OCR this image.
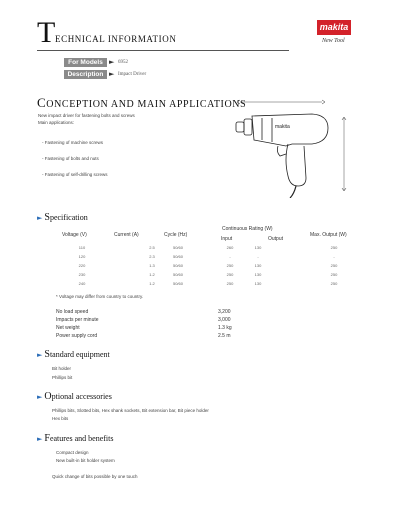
T ECHNICAL INFORMATION
makita
New Tool
For Models ► 6952
Description ► Impact Driver
CONCEPTION AND MAIN APPLICATIONS
New impact driver for fastening bolts and screws
Main applications:
- Fastening of machine screws
- Fastening of bolts and nuts
- Fastening of self-drilling screws
makita
► Specification
Voltage (V)	Current (A)	Cycle (Hz)
Continuous Rating (W)
Max. Output (W)
Input	Output
110	2.5	50/60	260	130	250
120	2.3	50/60	-	-	-
220	1.3	50/60	250	130	250
230	1.2	50/60	250	130	250
240	1.2	50/60	250	130	250
* Voltage may differ from country to country.
No load speed	3,200
Impacts per minute	3,000
Net weight	1.3 kg
Power supply cord	2.5 m
► Standard equipment
Bit holder
Phillips bit
► Optional accessories
Phillips bits, Slotted bits, Hex shank sockets, Bit extension bar, Bit piece holder
Hex bits
► Features and benefits
Compact design
New built-in bit holder system
Quick change of bits possible by one touch
